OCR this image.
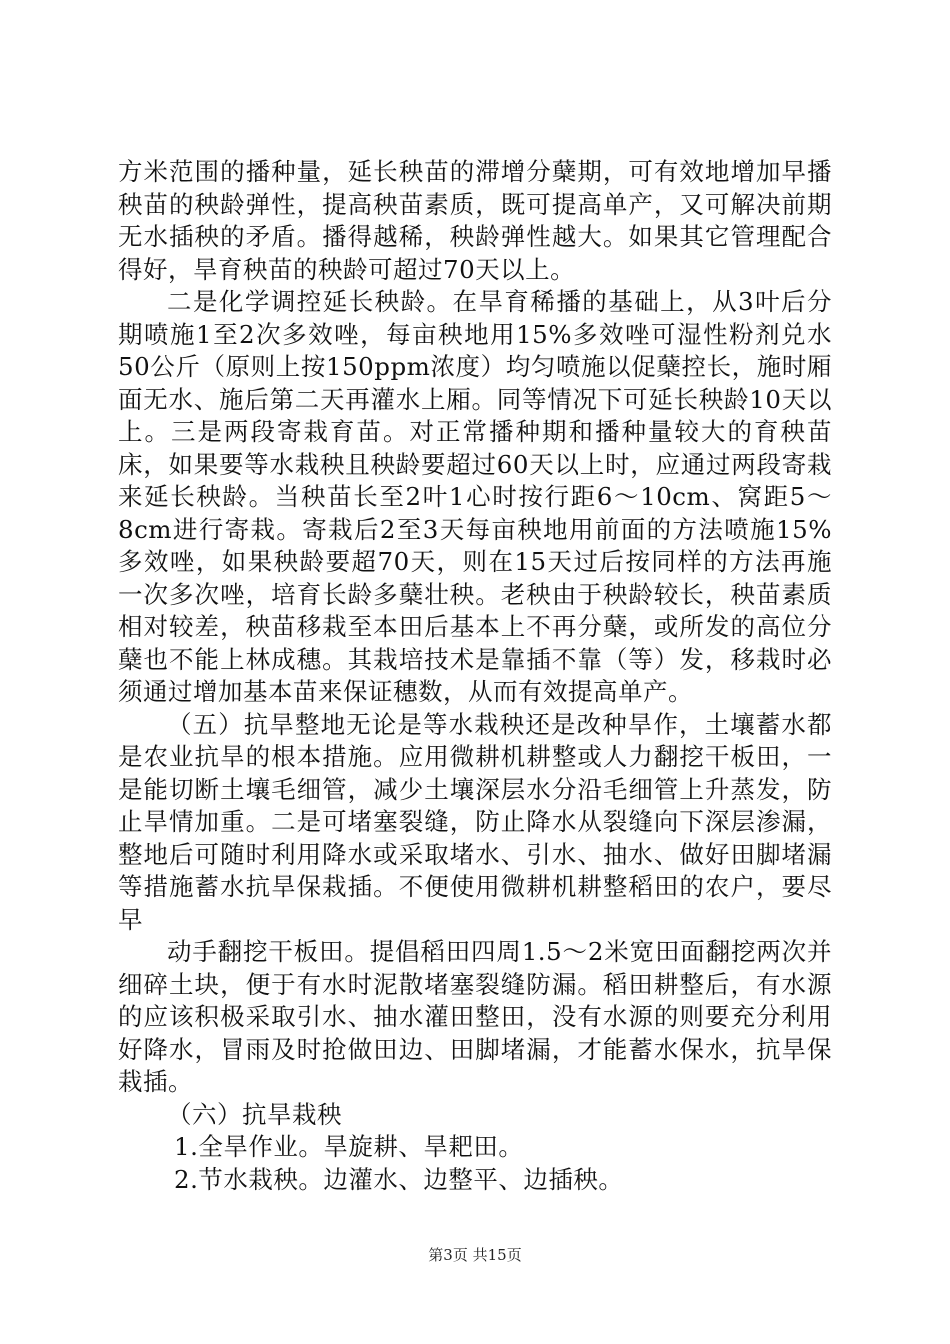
方米范围的播种量，延长秧苗的滞增分蘖期，可有效地增加早播秧苗的秧龄弹性，提高秧苗素质，既可提高单产，又可解决前期无水插秧的矛盾。播得越稀，秧龄弹性越大。如果其它管理配合得好，旱育秧苗的秧龄可超过70天以上。

二是化学调控延长秧龄。在旱育稀播的基础上，从3叶后分期喷施1至2次多效唑，每亩秧地用15%多效唑可湿性粉剂兑水50公斤（原则上按150ppm浓度）均匀喷施以促蘖控长，施时厢面无水、施后第二天再灌水上厢。同等情况下可延长秧龄10天以上。三是两段寄栽育苗。对正常播种期和播种量较大的育秧苗床，如果要等水栽秧且秧龄要超过60天以上时，应通过两段寄栽来延长秧龄。当秧苗长至2叶1心时按行距6～10cm、窝距5～8cm进行寄栽。寄栽后2至3天每亩秧地用前面的方法喷施15%多效唑，如果秧龄要超70天，则在15天过后按同样的方法再施一次多次唑，培育长龄多蘖壮秧。老秧由于秧龄较长，秧苗素质相对较差，秧苗移栽至本田后基本上不再分蘖，或所发的高位分蘖也不能上林成穗。其栽培技术是靠插不靠（等）发，移栽时必须通过增加基本苗来保证穗数，从而有效提高单产。

（五）抗旱整地无论是等水栽秧还是改种旱作，土壤蓄水都是农业抗旱的根本措施。应用微耕机耕整或人力翻挖干板田，一是能切断土壤毛细管，减少土壤深层水分沿毛细管上升蒸发，防止旱情加重。二是可堵塞裂缝，防止降水从裂缝向下深层渗漏，整地后可随时利用降水或采取堵水、引水、抽水、做好田脚堵漏等措施蓄水抗旱保栽插。不便使用微耕机耕整稻田的农户，要尽早

动手翻挖干板田。提倡稻田四周1.5～2米宽田面翻挖两次并细碎土块，便于有水时泥散堵塞裂缝防漏。稻田耕整后，有水源的应该积极采取引水、抽水灌田整田，没有水源的则要充分利用好降水，冒雨及时抢做田边、田脚堵漏，才能蓄水保水，抗旱保栽插。

（六）抗旱栽秧

1.全旱作业。旱旋耕、旱耙田。

2.节水栽秧。边灌水、边整平、边插秧。

第3页 共15页
